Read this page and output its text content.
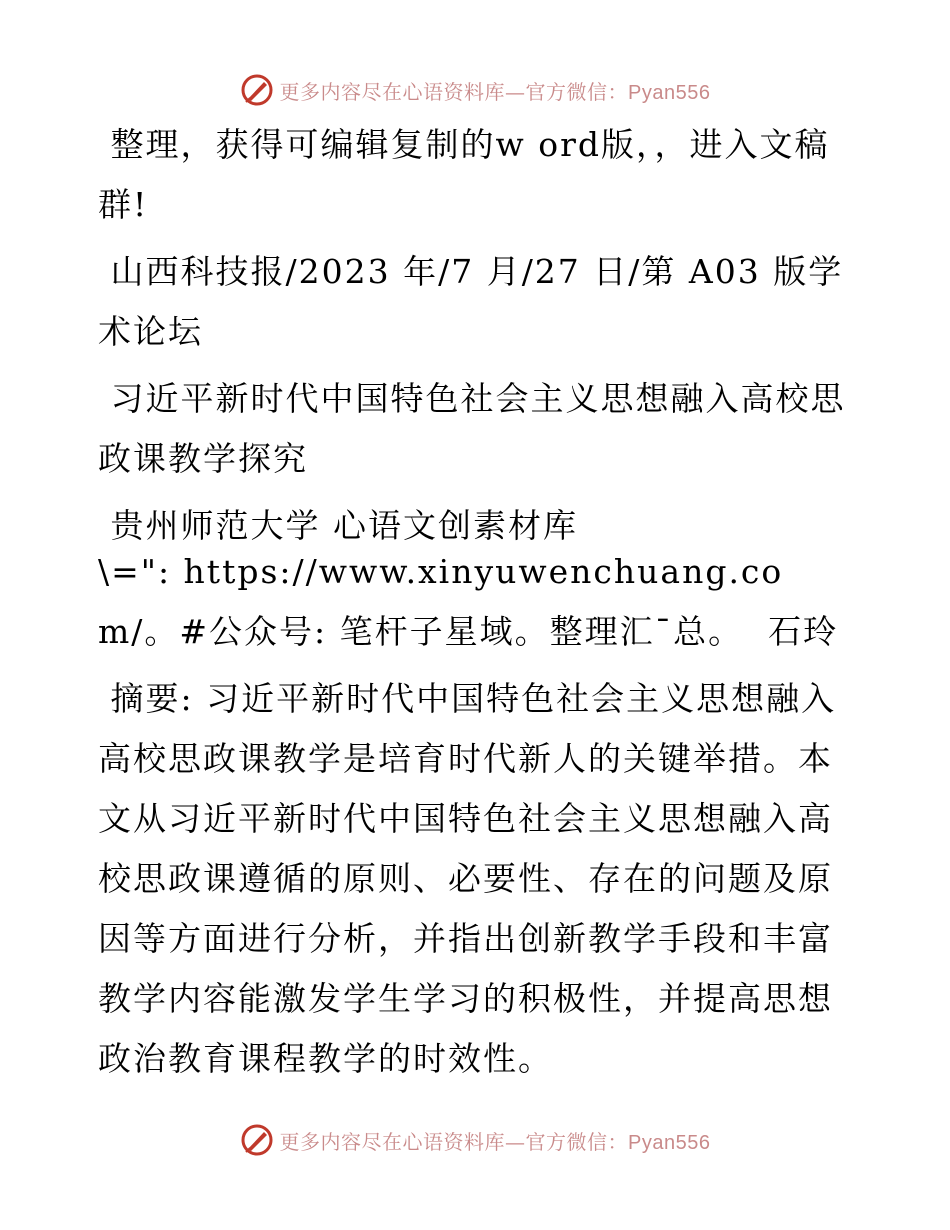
更多内容尽在心语资料库—官方微信：Pyan556

整理，获得可编辑复制的w ord版，，进入文稿群!

山西科技报/2023 年/7 月/27 日/第 A03 版学术论坛

习近平新时代中国特色社会主义思想融入高校思政课教学探究

贵州师范大学 心语文创素材库

\=": https://www.xinyuwenchuang.com/。#公众号: 笔杆子星域。整理汇¯总。  石玲

摘要: 习近平新时代中国特色社会主义思想融入高校思政课教学是培育时代新人的关键举措。本文从习近平新时代中国特色社会主义思想融入高校思政课遵循的原则、必要性、存在的问题及原因等方面进行分析，并指出创新教学手段和丰富教学内容能激发学生学习的积极性，并提高思想政治教育课程教学的时效性。

更多内容尽在心语资料库—官方微信：Pyan556
